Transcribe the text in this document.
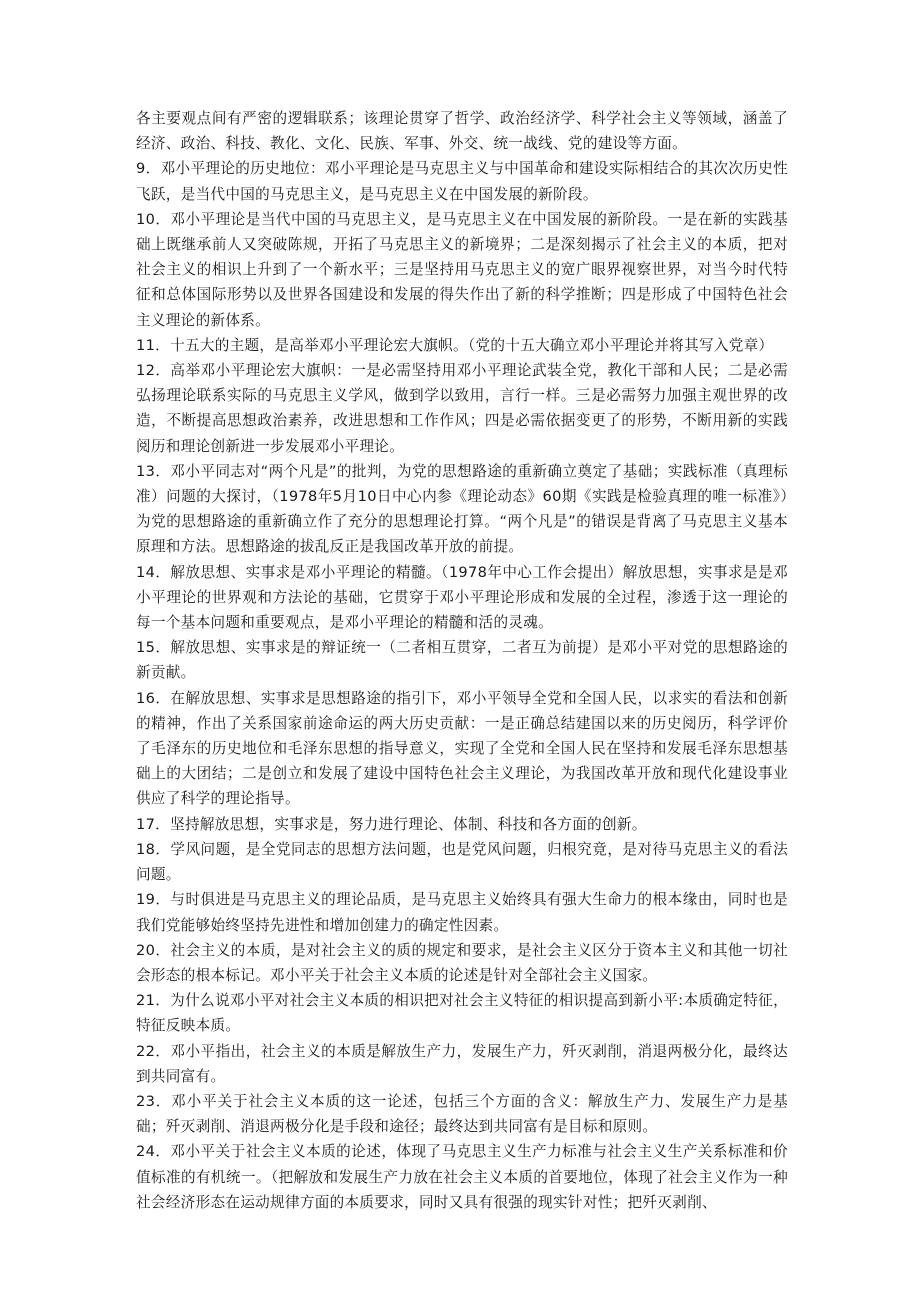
各主要观点间有严密的逻辑联系；该理论贯穿了哲学、政治经济学、科学社会主义等领域，涵盖了经济、政治、科技、教化、文化、民族、军事、外交、统一战线、党的建设等方面。

9．邓小平理论的历史地位：邓小平理论是马克思主义与中国革命和建设实际相结合的其次次历史性飞跃，是当代中国的马克思主义，是马克思主义在中国发展的新阶段。

10．邓小平理论是当代中国的马克思主义，是马克思主义在中国发展的新阶段。一是在新的实践基础上既继承前人又突破陈规，开拓了马克思主义的新境界；二是深刻揭示了社会主义的本质，把对社会主义的相识上升到了一个新水平；三是坚持用马克思主义的宽广眼界视察世界，对当今时代特征和总体国际形势以及世界各国建设和发展的得失作出了新的科学推断；四是形成了中国特色社会主义理论的新体系。

11．十五大的主题，是高举邓小平理论宏大旗帜。（党的十五大确立邓小平理论并将其写入党章）

12．高举邓小平理论宏大旗帜：一是必需坚持用邓小平理论武装全党，教化干部和人民；二是必需弘扬理论联系实际的马克思主义学风，做到学以致用，言行一样。三是必需努力加强主观世界的改造，不断提高思想政治素养，改进思想和工作作风；四是必需依据变更了的形势，不断用新的实践阅历和理论创新进一步发展邓小平理论。

13．邓小平同志对“两个凡是”的批判，为党的思想路途的重新确立奠定了基础；实践标准（真理标准）问题的大探讨，（1978年5月10日中心内参《理论动态》60期《实践是检验真理的唯一标准》）为党的思想路途的重新确立作了充分的思想理论打算。“两个凡是”的错误是背离了马克思主义基本原理和方法。思想路途的拔乱反正是我国改革开放的前提。

14．解放思想、实事求是邓小平理论的精髓。（1978年中心工作会提出）解放思想，实事求是是邓小平理论的世界观和方法论的基础，它贯穿于邓小平理论形成和发展的全过程，渗透于这一理论的每一个基本问题和重要观点，是邓小平理论的精髓和活的灵魂。

15．解放思想、实事求是的辩证统一（二者相互贯穿，二者互为前提）是邓小平对党的思想路途的新贡献。

16．在解放思想、实事求是思想路途的指引下，邓小平领导全党和全国人民，以求实的看法和创新的精神，作出了关系国家前途命运的两大历史贡献：一是正确总结建国以来的历史阅历，科学评价了毛泽东的历史地位和毛泽东思想的指导意义，实现了全党和全国人民在坚持和发展毛泽东思想基础上的大团结；二是创立和发展了建设中国特色社会主义理论，为我国改革开放和现代化建设事业供应了科学的理论指导。

17．坚持解放思想，实事求是，努力进行理论、体制、科技和各方面的创新。

18．学风问题，是全党同志的思想方法问题，也是党风问题，归根究竟，是对待马克思主义的看法问题。

19．与时俱进是马克思主义的理论品质，是马克思主义始终具有强大生命力的根本缘由，同时也是我们党能够始终坚持先进性和增加创建力的确定性因素。

20．社会主义的本质，是对社会主义的质的规定和要求，是社会主义区分于资本主义和其他一切社会形态的根本标记。邓小平关于社会主义本质的论述是针对全部社会主义国家。

21．为什么说邓小平对社会主义本质的相识把对社会主义特征的相识提高到新小平:本质确定特征，特征反映本质。

22．邓小平指出，社会主义的本质是解放生产力，发展生产力，歼灭剥削，消退两极分化，最终达到共同富有。

23．邓小平关于社会主义本质的这一论述，包括三个方面的含义：解放生产力、发展生产力是基础；歼灭剥削、消退两极分化是手段和途径；最终达到共同富有是目标和原则。

24．邓小平关于社会主义本质的论述，体现了马克思主义生产力标准与社会主义生产关系标准和价值标准的有机统一。（把解放和发展生产力放在社会主义本质的首要地位，体现了社会主义作为一种社会经济形态在运动规律方面的本质要求，同时又具有很强的现实针对性；把歼灭剥削、
